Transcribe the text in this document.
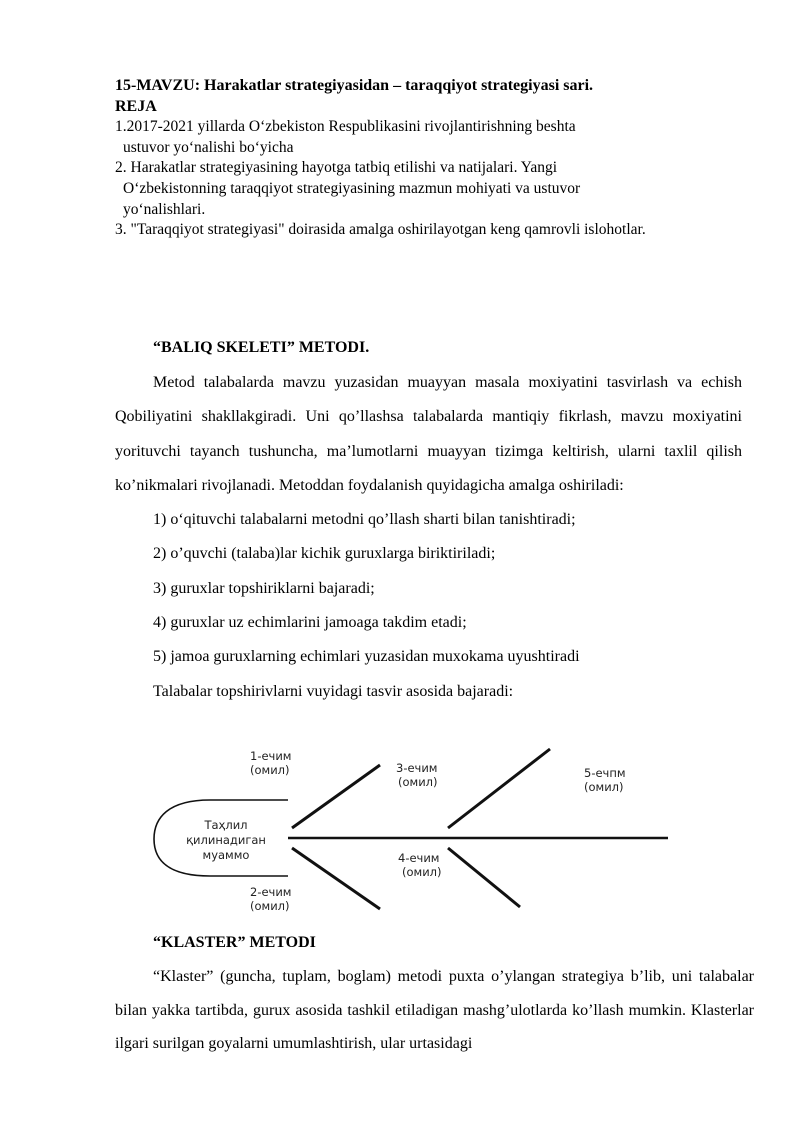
15-MAVZU: Harakatlar strategiyasidan – taraqqiyot strategiyasi sari.
REJA
1.2017-2021 yillarda O‘zbekiston Respublikasini rivojlantirishning beshta
ustuvor yo‘nalishi bo‘yicha
2. Harakatlar strategiyasining hayotga tatbiq etilishi va natijalari. Yangi
O‘zbekistonning taraqqiyot strategiyasining mazmun mohiyati va ustuvor
yo‘nalishlari.
3. "Taraqqiyot strategiyasi" doirasida amalga oshirilayotgan keng qamrovli islohotlar.

“BALIQ SKELETI” METODI.

Metod talabalarda mavzu yuzasidan muayyan masala moxiyatini tasvirlash va echish Qobiliyatini shakllakgiradi. Uni qo’llashsa talabalarda mantiqiy fikrlash, mavzu moxiyatini yorituvchi tayanch tushuncha, ma’lumotlarni muayyan tizimga keltirish, ularni taxlil qilish ko’nikmalari rivojlanadi. Metoddan foydalanish quyidagicha amalga oshiriladi:

1) o‘qituvchi talabalarni metodni qo’llash sharti bilan tanishtiradi;

2) o’quvchi (talaba)lar kichik guruxlarga biriktiriladi;

3) guruxlar topshiriklarni bajaradi;

4) guruxlar uz echimlarini jamoaga takdim etadi;

5) jamoa guruxlarning echimlari yuzasidan muxokama uyushtiradi

Talabalar topshirivlarni vuyidagi tasvir asosida bajaradi:

Таҳлил
қилинадиган
муаммо
1-ечим
(омил)	3-ечим
(омил)
5-ечпм
(омил)
4-ечим
(омил)
2-ечим
(омил)

“KLASTER” METODI

“Klaster” (guncha, tuplam, boglam) metodi puxta o’ylangan strategiya b’lib, uni talabalar bilan yakka tartibda, gurux asosida tashkil etiladigan mashg’ulotlarda ko’llash mumkin. Klasterlar ilgari surilgan goyalarni umumlashtirish, ular urtasidagi
